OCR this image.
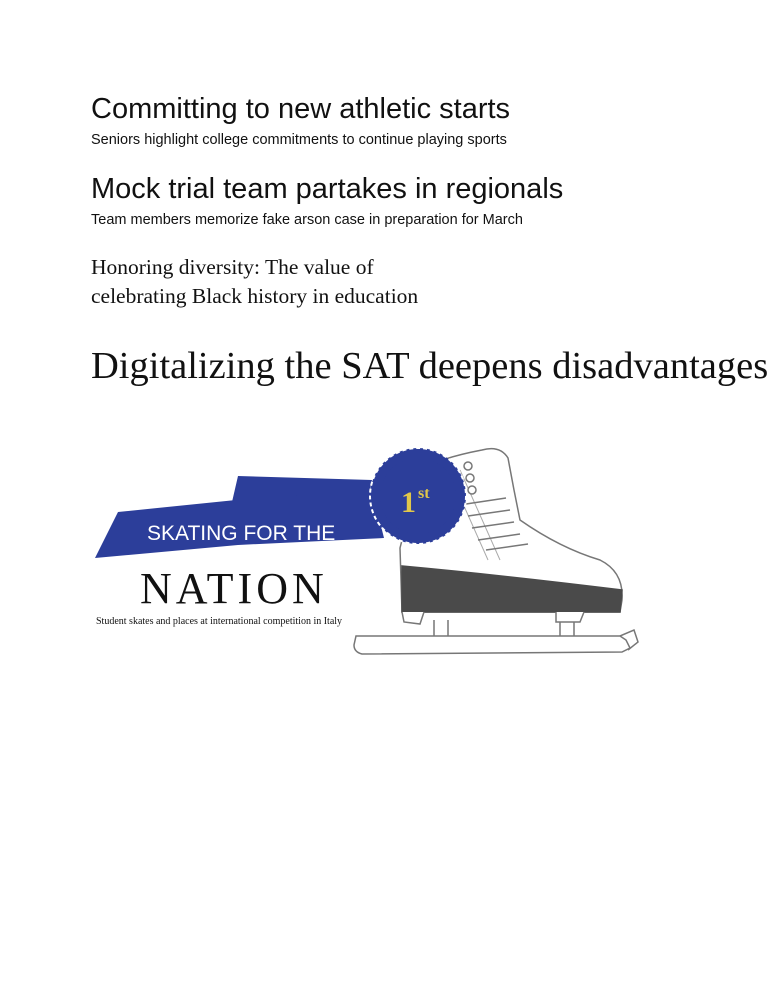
Committing to new athletic starts
Seniors highlight college commitments to continue playing sports
Mock trial team partakes in regionals
Team members memorize fake arson case in preparation for March
Honoring diversity: The value of
celebrating Black history in education
Digitalizing the SAT deepens disadvantages
SKATING FOR THE
1 st
NATION
Student skates and places at international competition in Italy
